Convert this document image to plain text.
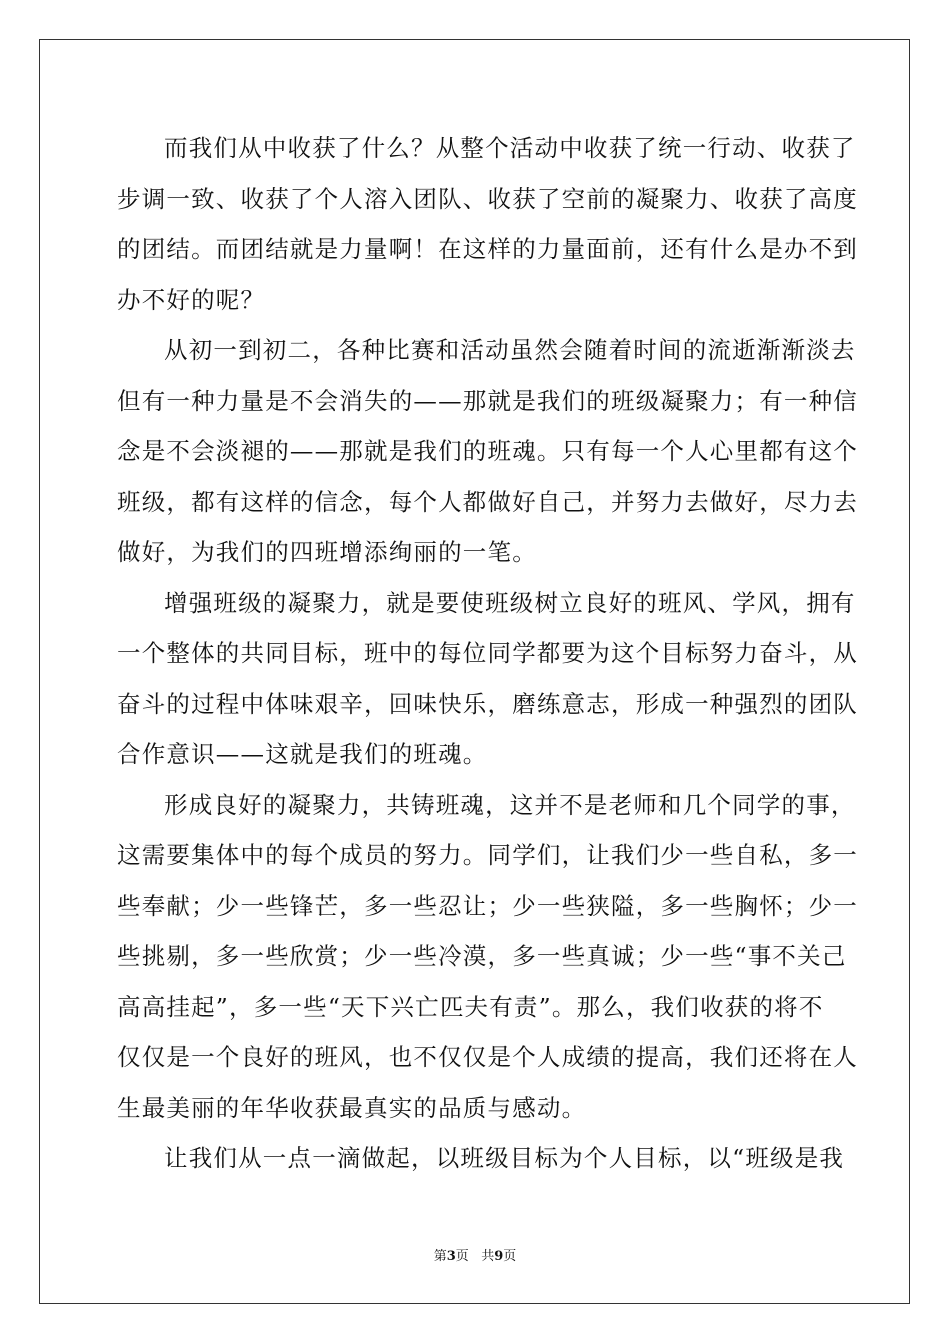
而我们从中收获了什么？从整个活动中收获了统一行动、收获了
步调一致、收获了个人溶入团队、收获了空前的凝聚力、收获了高度
的团结。而团结就是力量啊！在这样的力量面前，还有什么是办不到
办不好的呢？
从初一到初二，各种比赛和活动虽然会随着时间的流逝渐渐淡去
但有一种力量是不会消失的——那就是我们的班级凝聚力；有一种信
念是不会淡褪的——那就是我们的班魂。只有每一个人心里都有这个
班级，都有这样的信念，每个人都做好自己，并努力去做好，尽力去
做好，为我们的四班增添绚丽的一笔。
增强班级的凝聚力，就是要使班级树立良好的班风、学风，拥有
一个整体的共同目标，班中的每位同学都要为这个目标努力奋斗，从
奋斗的过程中体味艰辛，回味快乐，磨练意志，形成一种强烈的团队
合作意识——这就是我们的班魂。
形成良好的凝聚力，共铸班魂，这并不是老师和几个同学的事，
这需要集体中的每个成员的努力。同学们，让我们少一些自私，多一
些奉献；少一些锋芒，多一些忍让；少一些狭隘，多一些胸怀；少一
些挑剔，多一些欣赏；少一些冷漠，多一些真诚；少一些“事不关己
高高挂起”，多一些“天下兴亡匹夫有责”。那么，我们收获的将不
仅仅是一个良好的班风，也不仅仅是个人成绩的提高，我们还将在人
生最美丽的年华收获最真实的品质与感动。
让我们从一点一滴做起，以班级目标为个人目标，以“班级是我
第3页 共9页
